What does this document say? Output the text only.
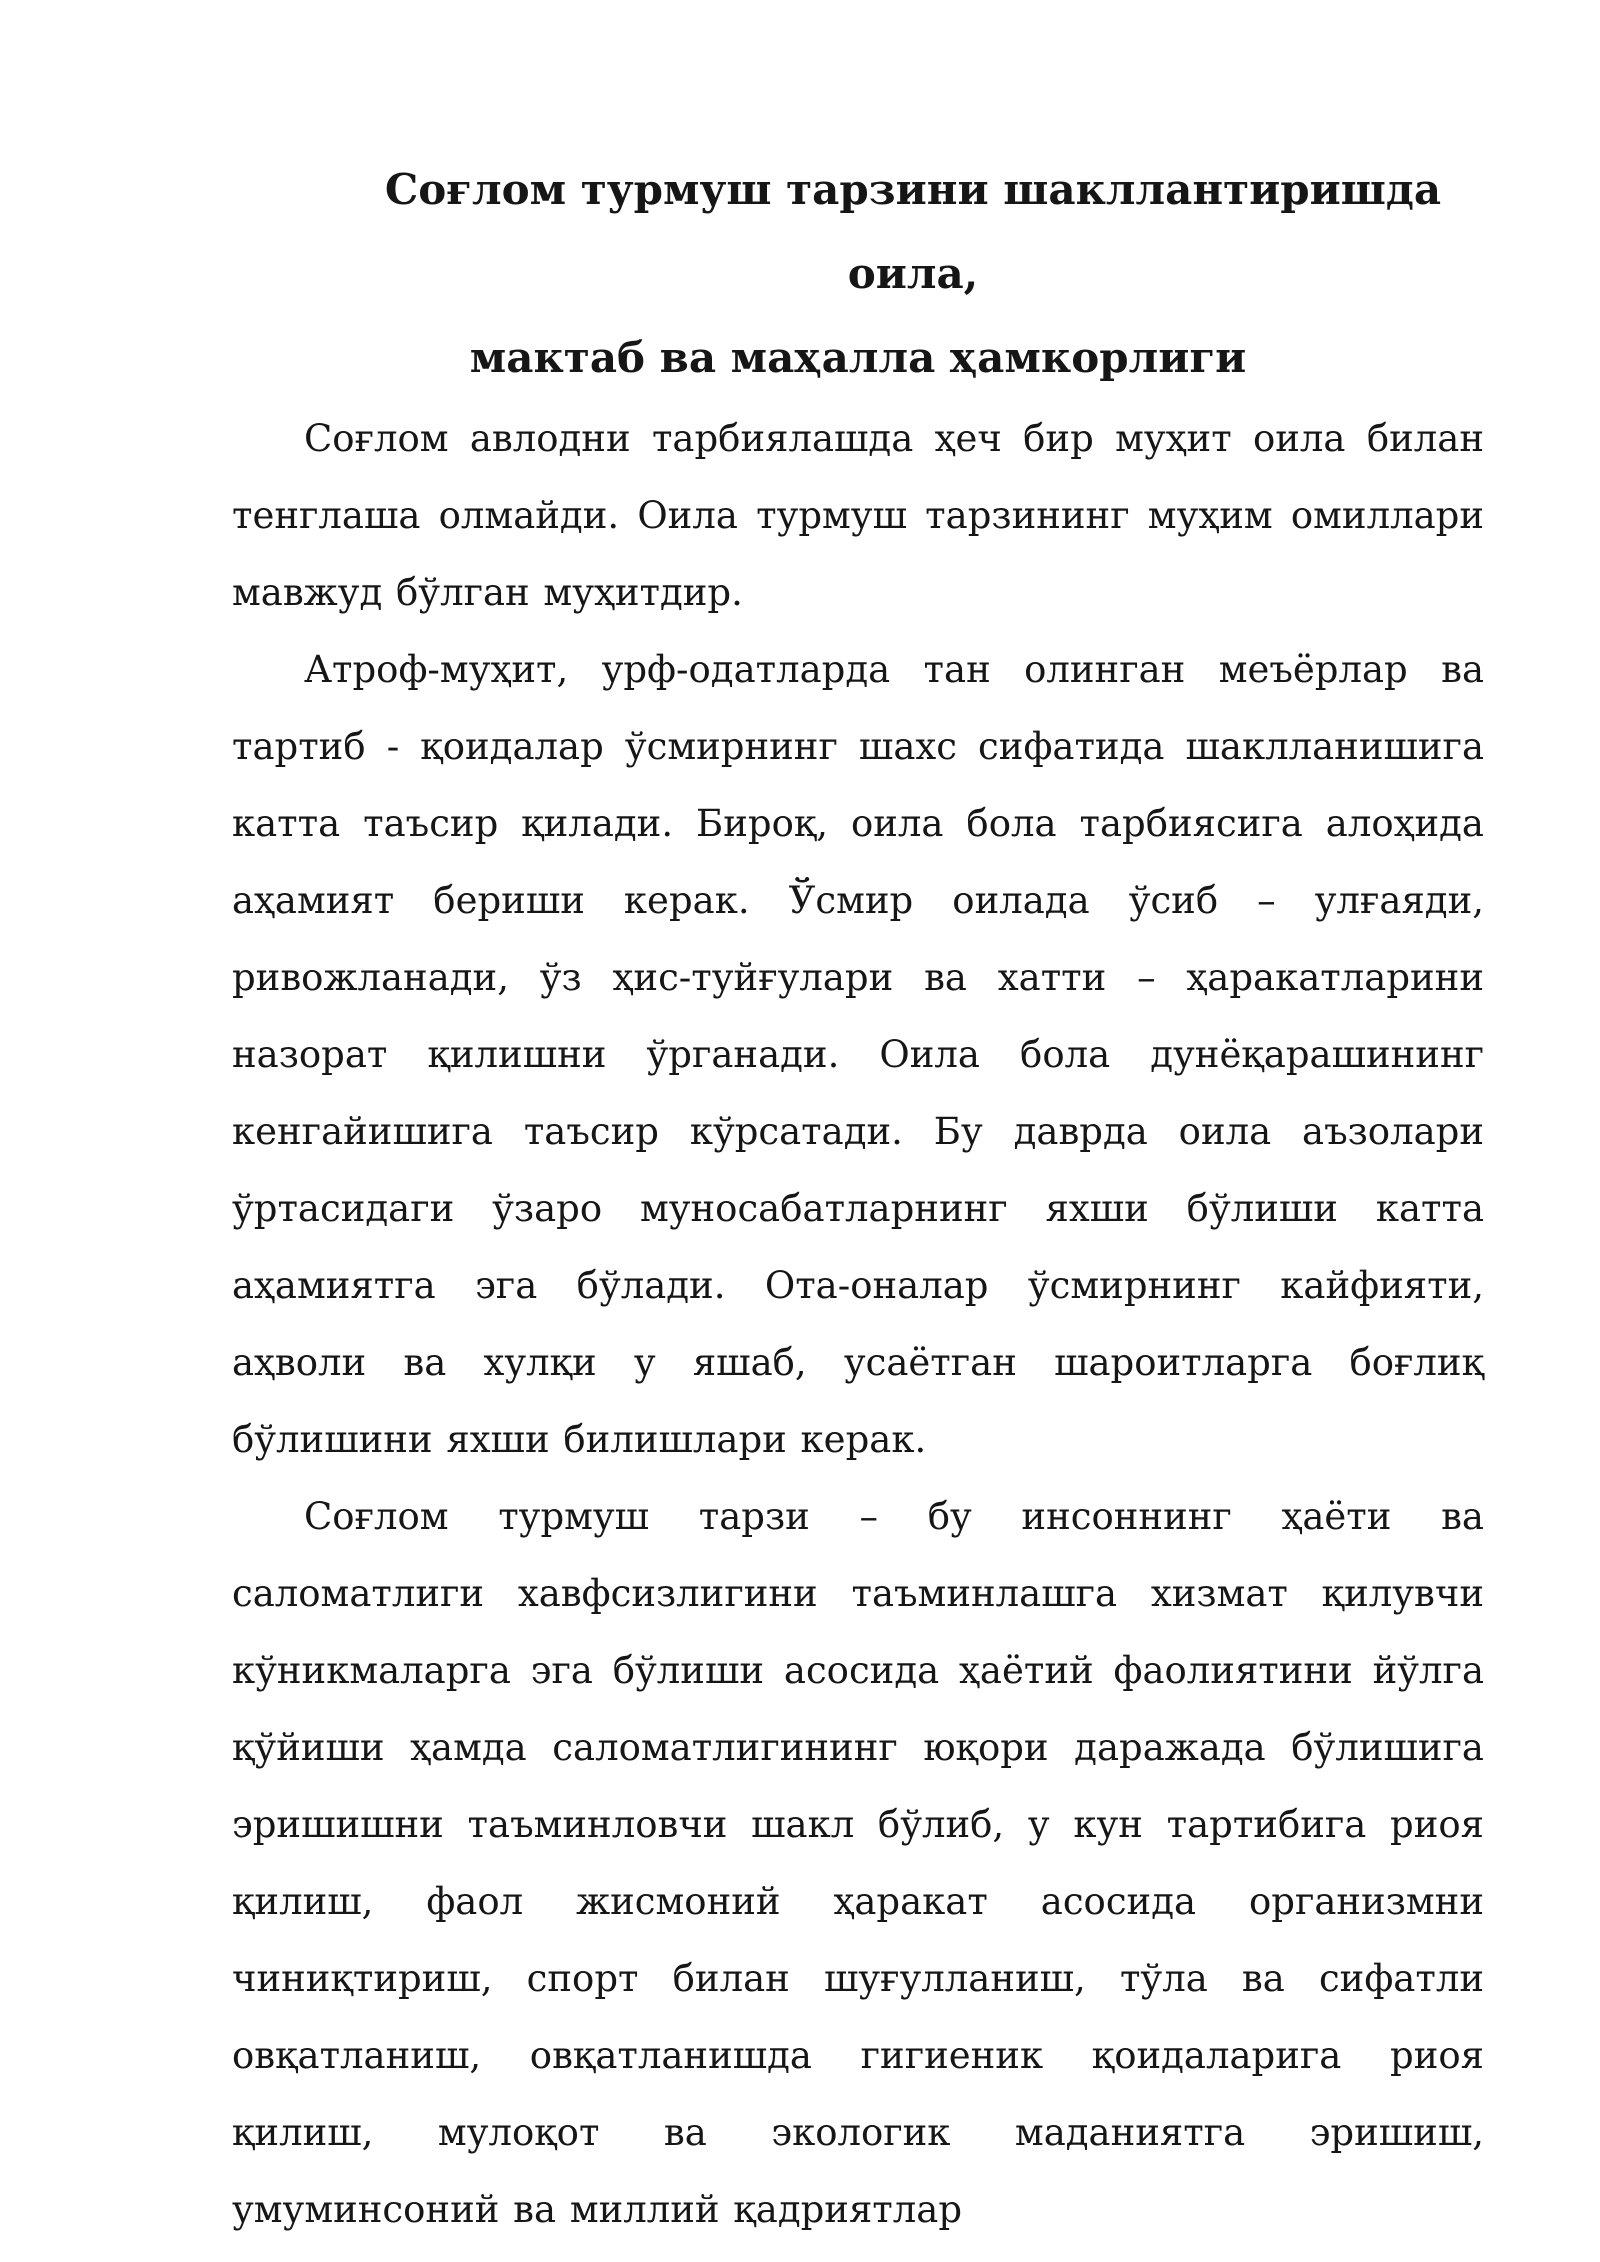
Соғлом турмуш тарзини шакллантиришда оила,
мактаб ва маҳалла ҳамкорлиги

Соғлом авлодни тарбиялашда ҳеч бир муҳит оила билан тенглаша олмайди. Оила турмуш тарзининг муҳим омиллари мавжуд бўлган муҳитдир.

Атроф-муҳит, урф-одатларда тан олинган меъёрлар ва тартиб - қоидалар ўсмирнинг шахс сифатида шаклланишига катта таъсир қилади. Бироқ, оила бола тарбиясига алоҳида аҳамият бериши керак. Ўсмир оилада ўсиб – улғаяди, ривожланади, ўз ҳис-туйғулари ва хатти – ҳаракатларини назорат қилишни ўрганади. Оила бола дунёқарашининг кенгайишига таъсир кўрсатади. Бу даврда оила аъзолари ўртасидаги ўзаро муносабатларнинг яхши бўлиши катта аҳамиятга эга бўлади. Ота-оналар ўсмирнинг кайфияти, аҳволи ва хулқи у яшаб, усаётган шароитларга боғлиқ бўлишини яхши билишлари керак.

Соғлом турмуш тарзи – бу инсоннинг ҳаёти ва саломатлиги хавфсизлигини таъминлашга хизмат қилувчи кўникмаларга эга бўлиши асосида ҳаётий фаолиятини йўлга қўйиши ҳамда саломатлигининг юқори даражада бўлишига эришишни таъминловчи шакл бўлиб, у кун тартибига риоя қилиш, фаол жисмоний ҳаракат асосида организмни чиниқтириш, спорт билан шуғулланиш, тўла ва сифатли овқатланиш, овқатланишда гигиеник қоидаларига риоя қилиш, мулоқот ва экологик маданиятга эришиш, умуминсоний ва миллий қадриятлар
